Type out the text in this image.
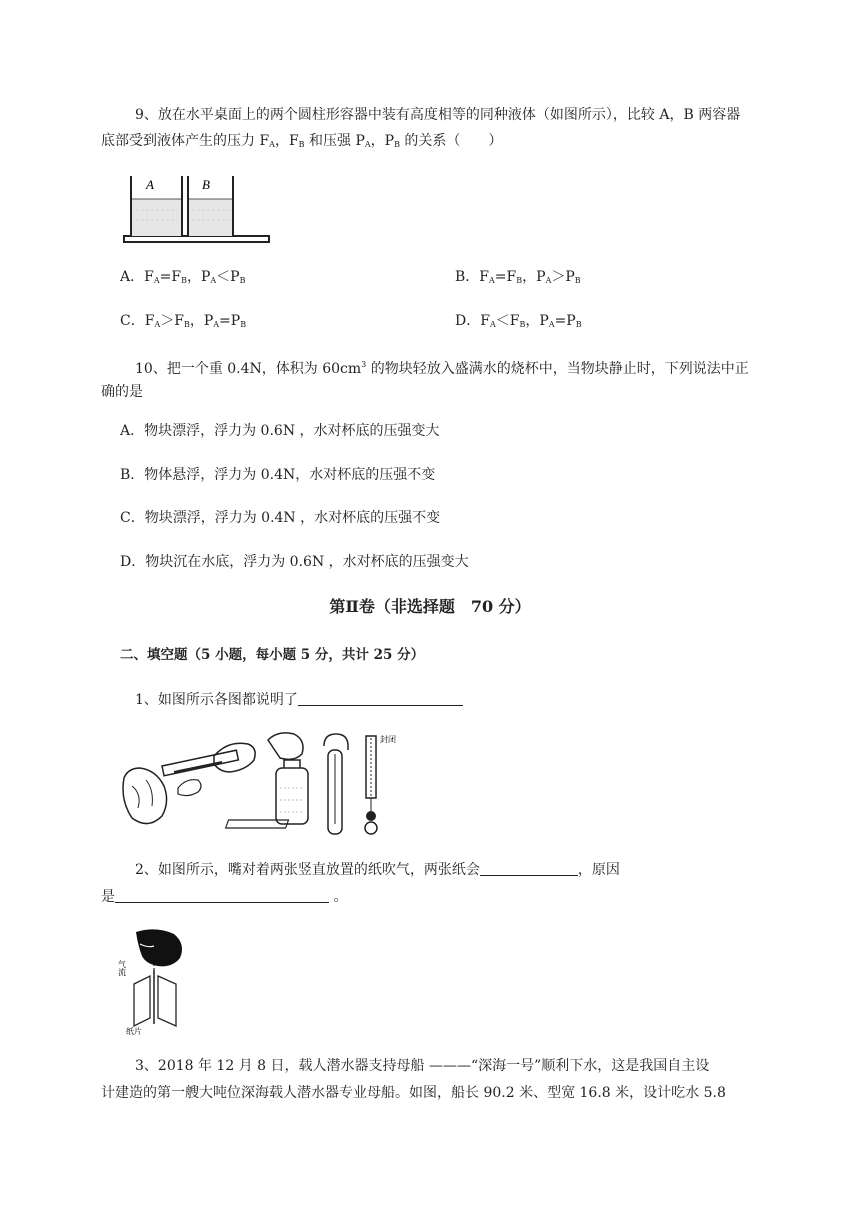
9、放在水平桌面上的两个圆柱形容器中装有高度相等的同种液体（如图所示），比较 A，B 两容器
底部受到液体产生的压力 $F_A$，$F_B$ 和压强 $P_A$，$P_B$ 的关系（　　）
A	B
A．$F_A=F_B$，$P_A<P_B$	B．$F_A=F_B$，$P_A>P_B$
C．$F_A>F_B$，$P_A=P_B$	D．$F_A<F_B$，$P_A=P_B$
10、把一个重 0.4N，体积为 $60cm^3$ 的物块轻放入盛满水的烧杯中，当物块静止时，下列说法中正
确的是
A．物块漂浮，浮力为 0.6N ，水对杯底的压强变大
B．物体悬浮，浮力为 0.4N，水对杯底的压强不变
C．物块漂浮，浮力为 0.4N ，水对杯底的压强不变
D．物块沉在水底，浮力为 0.6N ，水对杯底的压强变大
第Ⅱ卷（非选择题　70 分）
二、填空题（5 小题，每小题 5 分，共计 25 分）
1、如图所示各图都说明了
封闭
2、如图所示，嘴对着两张竖直放置的纸吹气，两张纸会	，原因
是	。
气流
纸片
3、2018 年 12 月 8 日，载人潜水器支持母船 ———“深海一号”顺利下水，这是我国自主设
计建造的第一艘大吨位深海载人潜水器专业母船。如图，船长 90.2 米、型宽 16.8 米，设计吃水 5.8
